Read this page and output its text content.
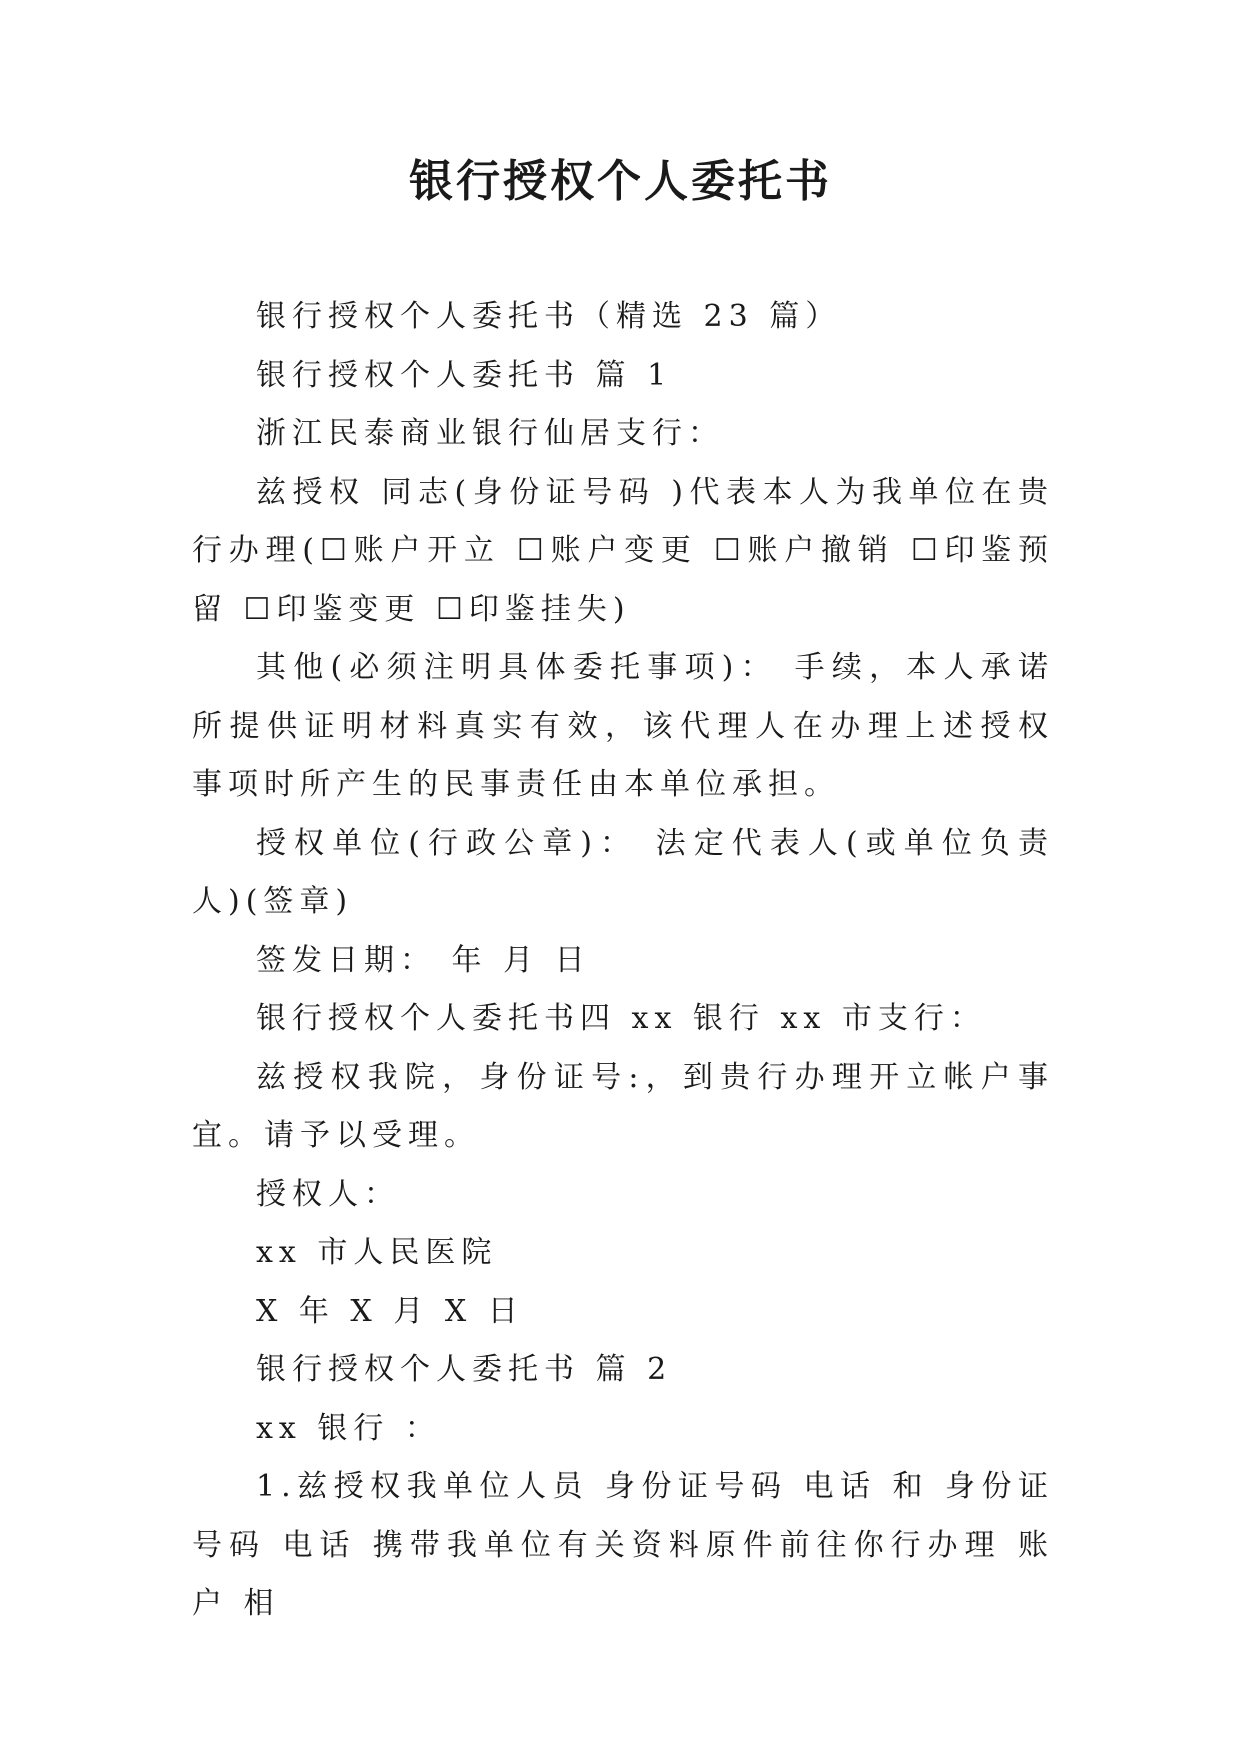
银行授权个人委托书

银行授权个人委托书（精选 23 篇）

银行授权个人委托书 篇 1

浙江民泰商业银行仙居支行：

兹授权 同志(身份证号码 )代表本人为我单位在贵行办理(☐账户开立 ☐账户变更 ☐账户撤销 ☐印鉴预留 ☐印鉴变更 ☐印鉴挂失)

其他(必须注明具体委托事项)： 手续，本人承诺所提供证明材料真实有效，该代理人在办理上述授权事项时所产生的民事责任由本单位承担。

授权单位(行政公章)： 法定代表人(或单位负责人)(签章)

签发日期： 年 月 日

银行授权个人委托书四 xx 银行 xx 市支行：

兹授权我院，身份证号:，到贵行办理开立帐户事宜。请予以受理。

授权人：

xx 市人民医院

X 年 X 月 X 日

银行授权个人委托书 篇 2

xx 银行 ：

1.兹授权我单位人员 身份证号码 电话 和 身份证号码 电话 携带我单位有关资料原件前往你行办理 账户 相
